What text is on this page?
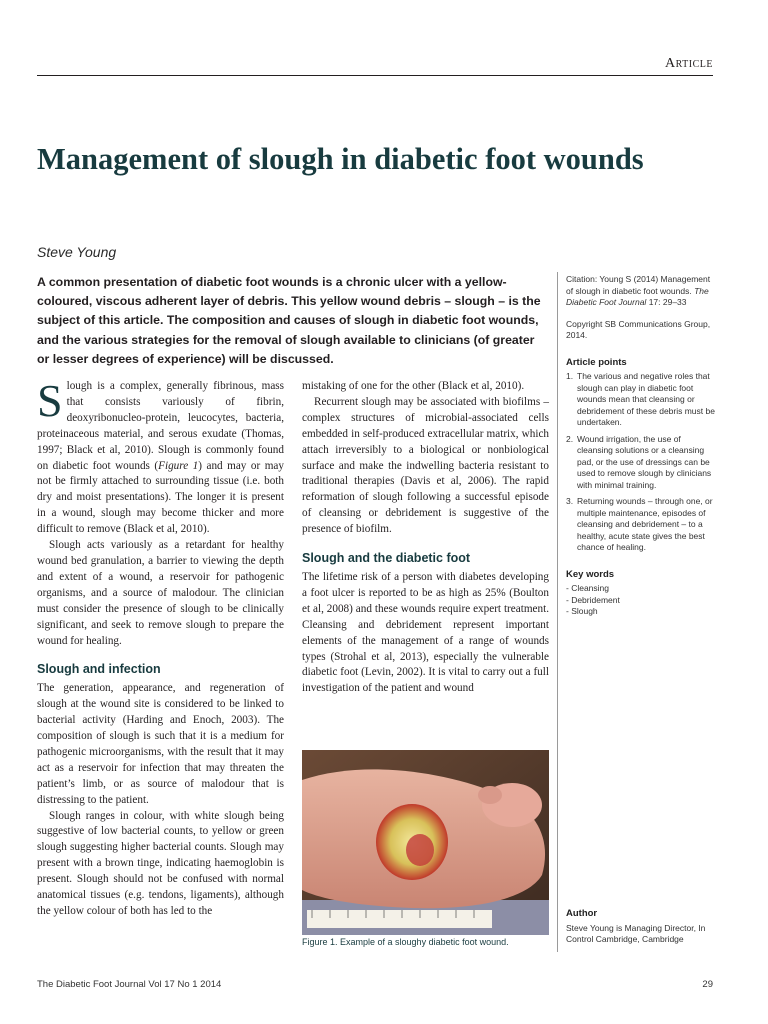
Article
Management of slough in diabetic foot wounds
Steve Young

A common presentation of diabetic foot wounds is a chronic ulcer with a yellow-coloured, viscous adherent layer of debris. This yellow wound debris – slough – is the subject of this article. The composition and causes of slough in diabetic foot wounds, and the various strategies for the removal of slough available to clinicians (of greater or lesser degrees of experience) will be discussed.

Citation: Young S (2014) Management of slough in diabetic foot wounds. The Diabetic Foot Journal 17: 29–33

Copyright SB Communications Group, 2014.

Article points

1. The various and negative roles that slough can play in diabetic foot wounds mean that cleansing or debridement of these debris must be undertaken.
2. Wound irrigation, the use of cleansing solutions or a cleansing pad, or the use of dressings can be used to remove slough by clinicians with minimal training.
3. Returning wounds – through one, or multiple maintenance, episodes of cleansing and debridement – to a healthy, acute state gives the best chance of healing.

Key words

- Cleansing
- Debridement
- Slough

Author

Steve Young is Managing Director, In Control Cambridge, Cambridge

Slough is a complex, generally fibrinous, mass that consists variously of fibrin, deoxyribonucleo-protein, leucocytes, bacteria, proteinaceous material, and serous exudate (Thomas, 1997; Black et al, 2010). Slough is commonly found on diabetic foot wounds (Figure 1) and may or may not be firmly attached to surrounding tissue (i.e. both dry and moist presentations). The longer it is present in a wound, slough may become thicker and more difficult to remove (Black et al, 2010).

Slough acts variously as a retardant for healthy wound bed granulation, a barrier to viewing the depth and extent of a wound, a reservoir for pathogenic organisms, and a source of malodour. The clinician must consider the presence of slough to be clinically significant, and seek to remove slough to prepare the wound for healing.

Slough and infection

The generation, appearance, and regeneration of slough at the wound site is considered to be linked to bacterial activity (Harding and Enoch, 2003). The composition of slough is such that it is a medium for pathogenic microorganisms, with the result that it may act as a reservoir for infection that may threaten the patient’s limb, or as source of malodour that is distressing to the patient.

Slough ranges in colour, with white slough being suggestive of low bacterial counts, to yellow or green slough suggesting higher bacterial counts. Slough may present with a brown tinge, indicating haemoglobin is present. Slough should not be confused with normal anatomical tissues (e.g. tendons, ligaments), although the yellow colour of both has led to the

mistaking of one for the other (Black et al, 2010).

Recurrent slough may be associated with biofilms – complex structures of microbial-associated cells embedded in self-produced extracellular matrix, which attach irreversibly to a biological or nonbiological surface and make the indwelling bacteria resistant to traditional therapies (Davis et al, 2006). The rapid reformation of slough following a successful episode of cleansing or debridement is suggestive of the presence of biofilm.

Slough and the diabetic foot

The lifetime risk of a person with diabetes developing a foot ulcer is reported to be as high as 25% (Boulton et al, 2008) and these wounds require expert treatment. Cleansing and debridement represent important elements of the management of a range of wounds types (Strohal et al, 2013), especially the vulnerable diabetic foot (Levin, 2002). It is vital to carry out a full investigation of the patient and wound

Figure 1. Example of a sloughy diabetic foot wound.
The Diabetic Foot Journal Vol 17 No 1 2014	29
